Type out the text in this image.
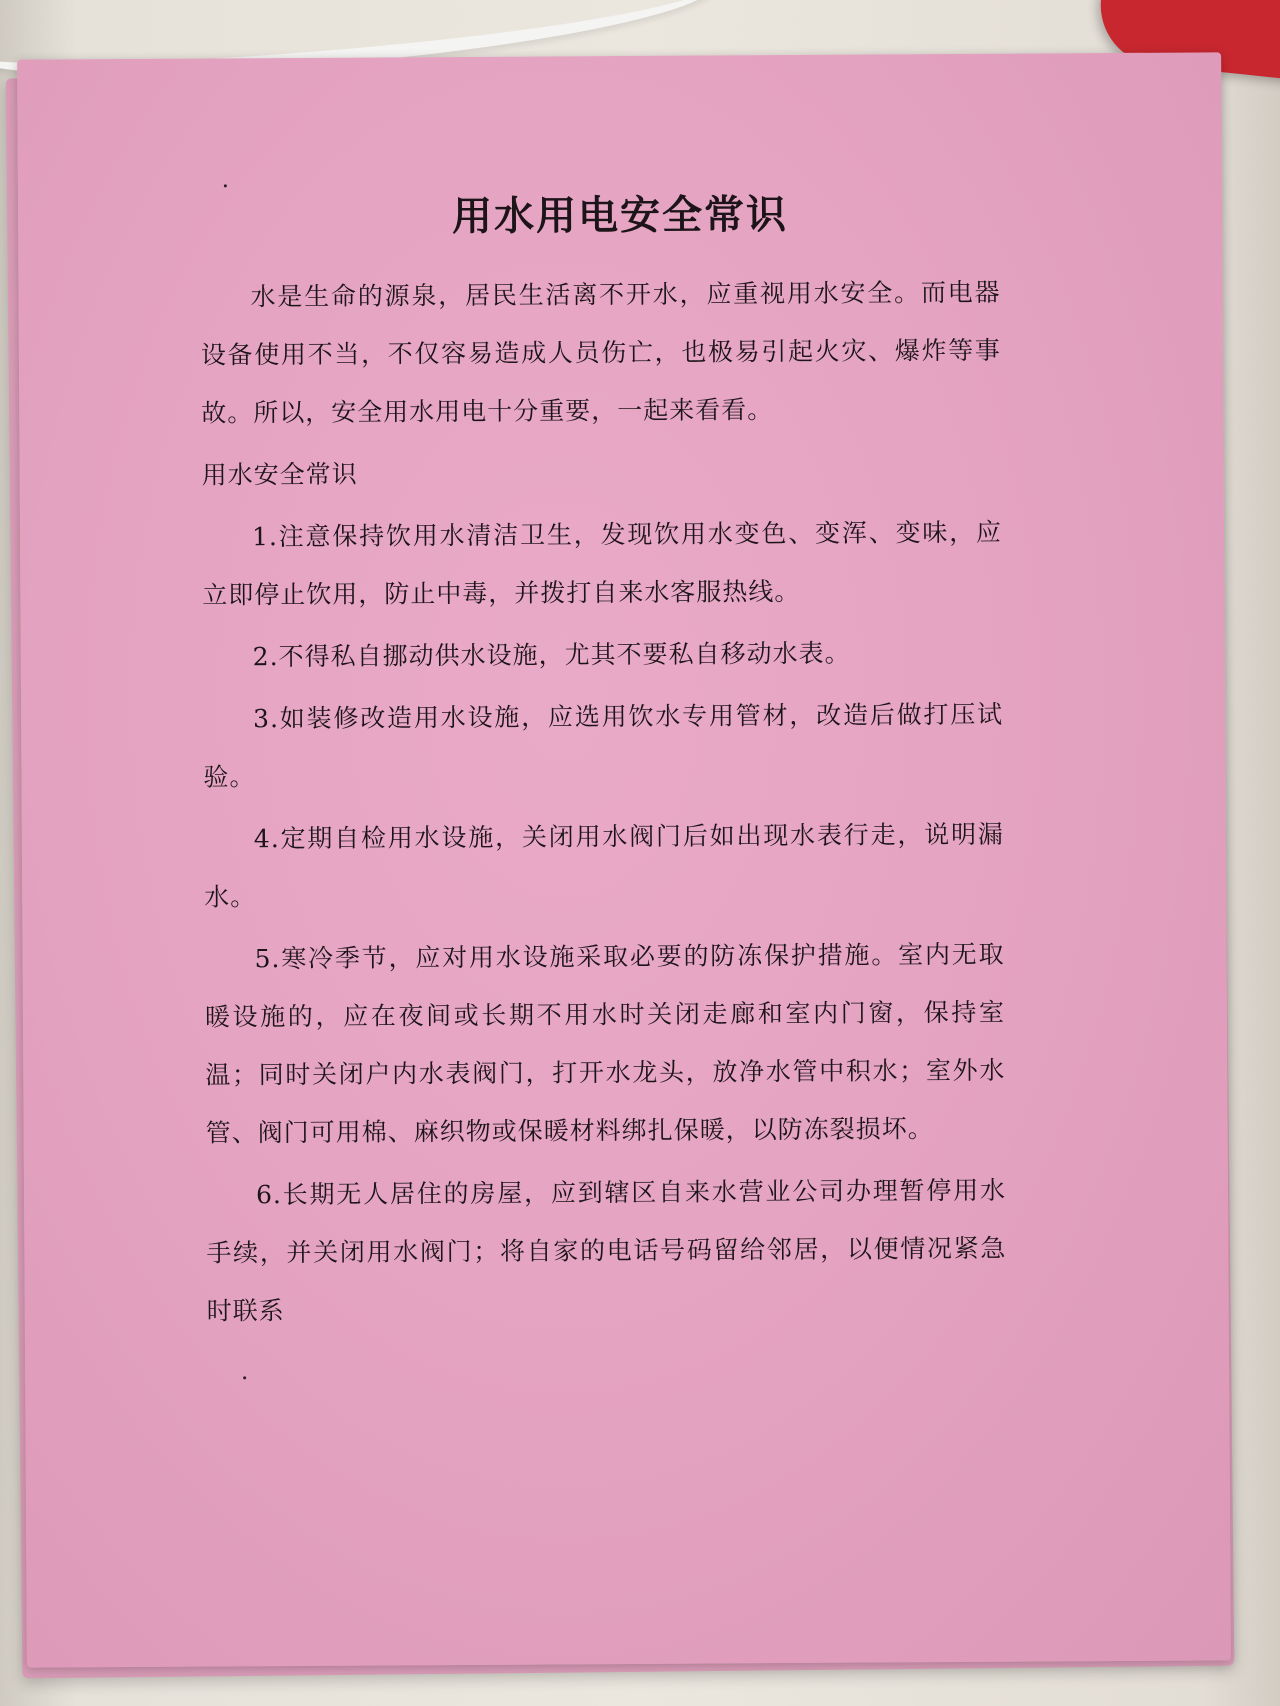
用水用电安全常识

水是生命的源泉，居民生活离不开水，应重视用水安全。而电器设备使用不当，不仅容易造成人员伤亡，也极易引起火灾、爆炸等事故。所以，安全用水用电十分重要，一起来看看。

用水安全常识

1.注意保持饮用水清洁卫生，发现饮用水变色、变浑、变味，应立即停止饮用，防止中毒，并拨打自来水客服热线。

2.不得私自挪动供水设施，尤其不要私自移动水表。

3.如装修改造用水设施，应选用饮水专用管材，改造后做打压试验。

4.定期自检用水设施，关闭用水阀门后如出现水表行走，说明漏水。

5.寒冷季节，应对用水设施采取必要的防冻保护措施。室内无取暖设施的，应在夜间或长期不用水时关闭走廊和室内门窗，保持室温；同时关闭户内水表阀门，打开水龙头，放净水管中积水；室外水管、阀门可用棉、麻织物或保暖材料绑扎保暖，以防冻裂损坏。

6.长期无人居住的房屋，应到辖区自来水营业公司办理暂停用水手续，并关闭用水阀门；将自家的电话号码留给邻居，以便情况紧急时联系
